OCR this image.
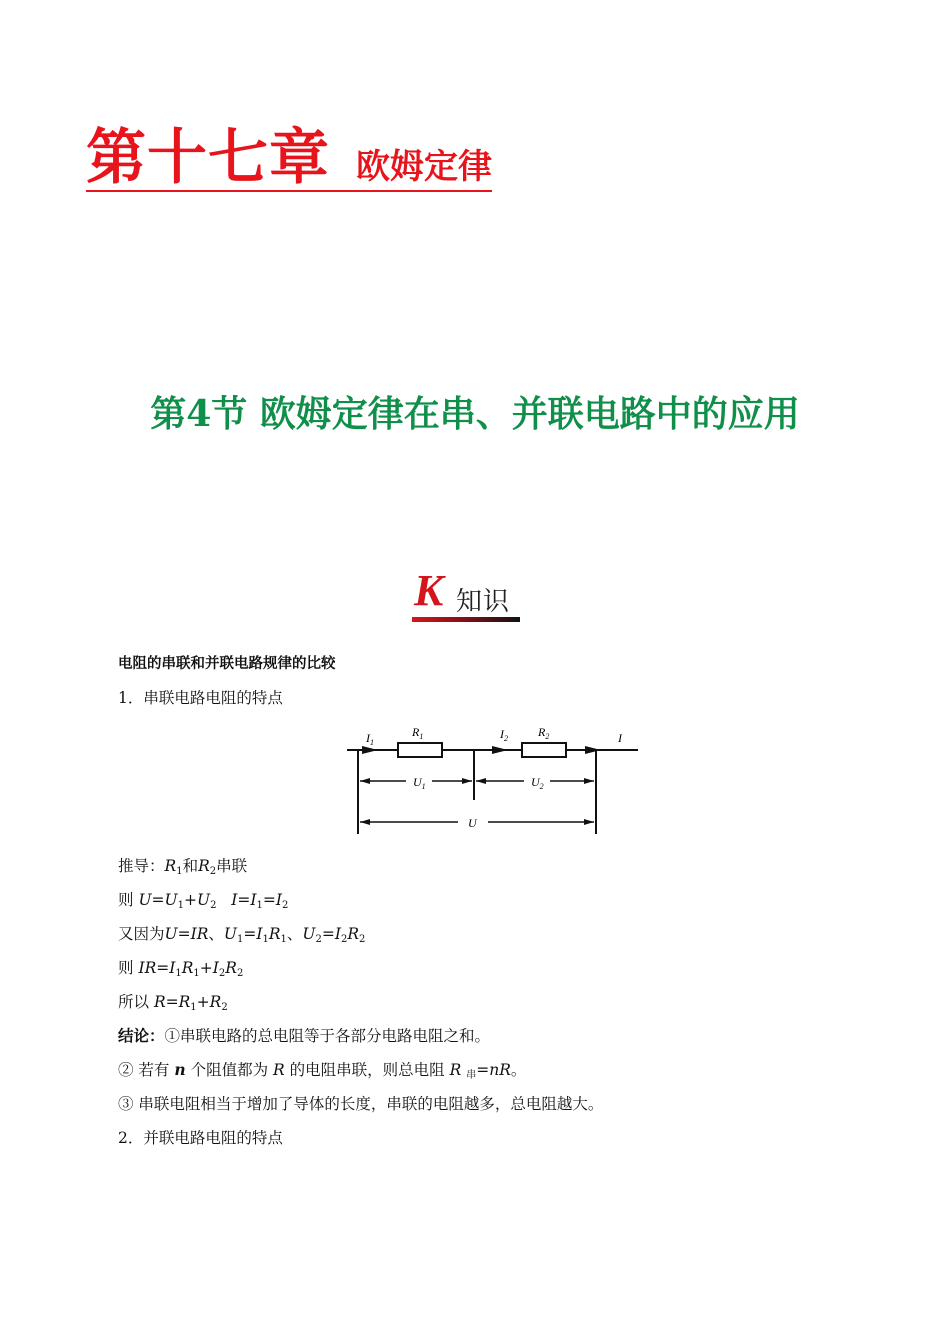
第十七章 欧姆定律
第4节 欧姆定律在串、并联电路中的应用
K 知识
电阻的串联和并联电路规律的比较
1．串联电路电阻的特点
$I_1$
$R_1$	$I_2$	$R_2$	I
$U_1$	$U_2$
U
推导：$R_1$和$R_2$串联
则 $U=U_1+U_2$ $I=I_1=I_2$
又因为U=IR、$U_1=I_1R_1$、$U_2=I_2R_2$
则 $IR=I_1R_1+I_2R_2$
所以 $R=R_1+R_2$
结论：①串联电路的总电阻等于各部分电路电阻之和。
② 若有 n 个阻值都为 R 的电阻串联，则总电阻 R $_串$=nR。
③ 串联电阻相当于增加了导体的长度，串联的电阻越多，总电阻越大。
2．并联电路电阻的特点
